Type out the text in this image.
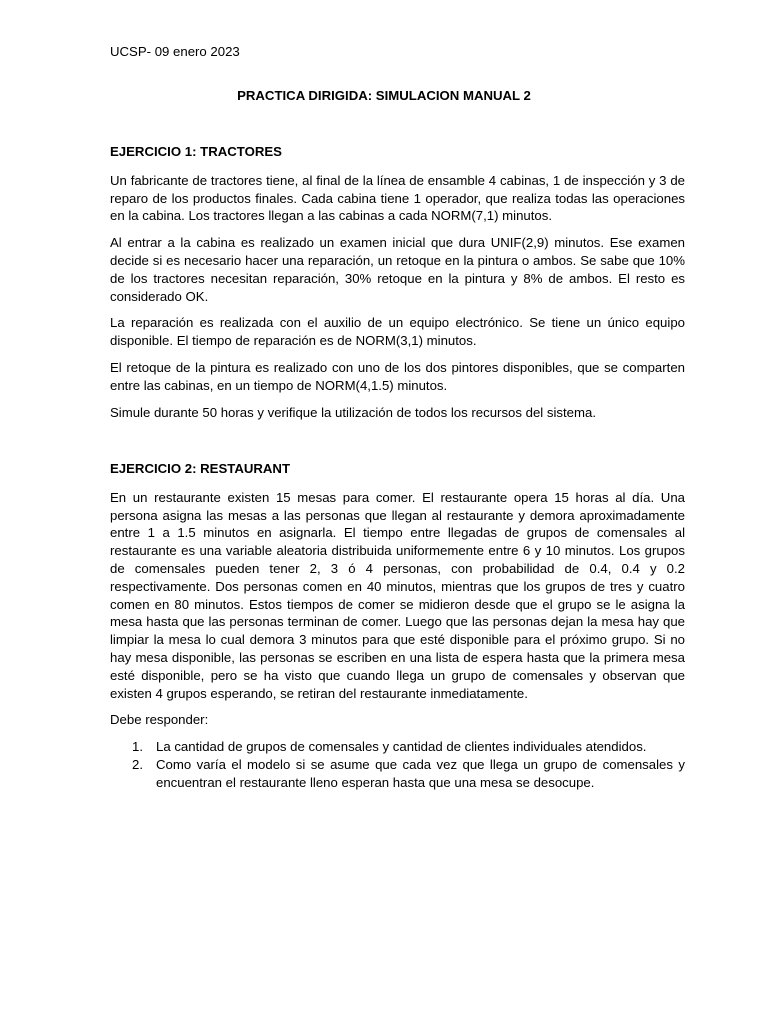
UCSP- 09 enero 2023
PRACTICA DIRIGIDA: SIMULACION MANUAL 2

EJERCICIO 1: TRACTORES

Un fabricante de tractores tiene, al final de la línea de ensamble 4 cabinas, 1 de inspección y 3 de reparo de los productos finales. Cada cabina tiene 1 operador, que realiza todas las operaciones en la cabina. Los tractores llegan a las cabinas a cada NORM(7,1) minutos.

Al entrar a la cabina es realizado un examen inicial que dura UNIF(2,9) minutos. Ese examen decide si es necesario hacer una reparación, un retoque en la pintura o ambos. Se sabe que 10% de los tractores necesitan reparación, 30% retoque en la pintura y 8% de ambos. El resto es considerado OK.

La reparación es realizada con el auxilio de un equipo electrónico. Se tiene un único equipo disponible. El tiempo de reparación es de NORM(3,1) minutos.

El retoque de la pintura es realizado con uno de los dos pintores disponibles, que se comparten entre las cabinas, en un tiempo de NORM(4,1.5) minutos.

Simule durante 50 horas y verifique la utilización de todos los recursos del sistema.

EJERCICIO 2: RESTAURANT

En un restaurante existen 15 mesas para comer. El restaurante opera 15 horas al día. Una persona asigna las mesas a las personas que llegan al restaurante y demora aproximadamente entre 1 a 1.5 minutos en asignarla. El tiempo entre llegadas de grupos de comensales al restaurante es una variable aleatoria distribuida uniformemente entre 6 y 10 minutos. Los grupos de comensales pueden tener 2, 3 ó 4 personas, con probabilidad de 0.4, 0.4 y 0.2 respectivamente. Dos personas comen en 40 minutos, mientras que los grupos de tres y cuatro comen en 80 minutos. Estos tiempos de comer se midieron desde que el grupo se le asigna la mesa hasta que las personas terminan de comer. Luego que las personas dejan la mesa hay que limpiar la mesa lo cual demora 3 minutos para que esté disponible para el próximo grupo. Si no hay mesa disponible, las personas se escriben en una lista de espera hasta que la primera mesa esté disponible, pero se ha visto que cuando llega un grupo de comensales y observan que existen 4 grupos esperando, se retiran del restaurante inmediatamente.

Debe responder:

1. La cantidad de grupos de comensales y cantidad de clientes individuales atendidos.
2. Como varía el modelo si se asume que cada vez que llega un grupo de comensales y encuentran el restaurante lleno esperan hasta que una mesa se desocupe.
